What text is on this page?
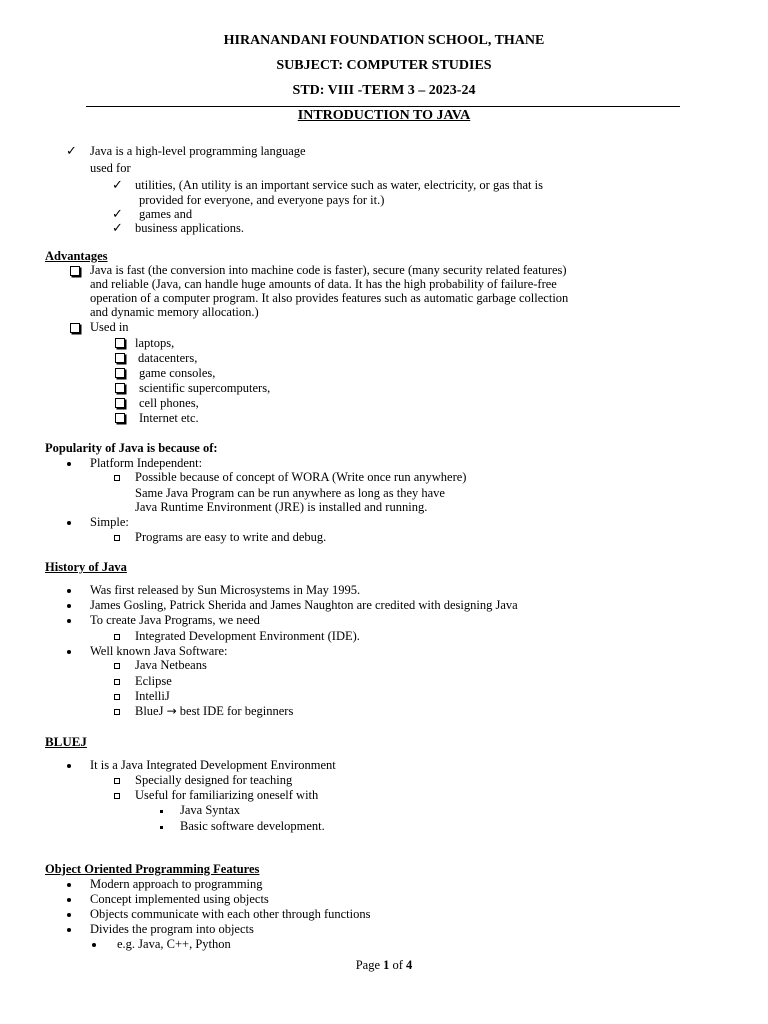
HIRANANDANI FOUNDATION SCHOOL, THANE
SUBJECT: COMPUTER STUDIES
STD: VIII -TERM 3 – 2023-24
INTRODUCTION TO JAVA
✓ Java is a high-level programming language
used for
✓ utilities, (An utility is an important service such as water, electricity, or gas that is
provided for everyone, and everyone pays for it.)
✓ games and
✓ business applications.
Advantages
Java is fast (the conversion into machine code is faster), secure (many security related features)
and reliable (Java, can handle huge amounts of data. It has the high probability of failure-free
operation of a computer program. It also provides features such as automatic garbage collection
and dynamic memory allocation.)
Used in
laptops,
datacenters,
game consoles,
scientific supercomputers,
cell phones,
Internet etc.
Popularity of Java is because of:
Platform Independent:
Possible because of concept of WORA (Write once run anywhere)
Same Java Program can be run anywhere as long as they have
Java Runtime Environment (JRE) is installed and running.
Simple:
Programs are easy to write and debug.
History of Java
Was first released by Sun Microsystems in May 1995.
James Gosling, Patrick Sherida and James Naughton are credited with designing Java
To create Java Programs, we need
Integrated Development Environment (IDE).
Well known Java Software:
Java Netbeans
Eclipse
IntelliJ
BlueJ → best IDE for beginners
BLUEJ
It is a Java Integrated Development Environment
Specially designed for teaching
Useful for familiarizing oneself with
Java Syntax
Basic software development.
Object Oriented Programming Features
Modern approach to programming
Concept implemented using objects
Objects communicate with each other through functions
Divides the program into objects
e.g. Java, C++, Python
Page 1 of 4
